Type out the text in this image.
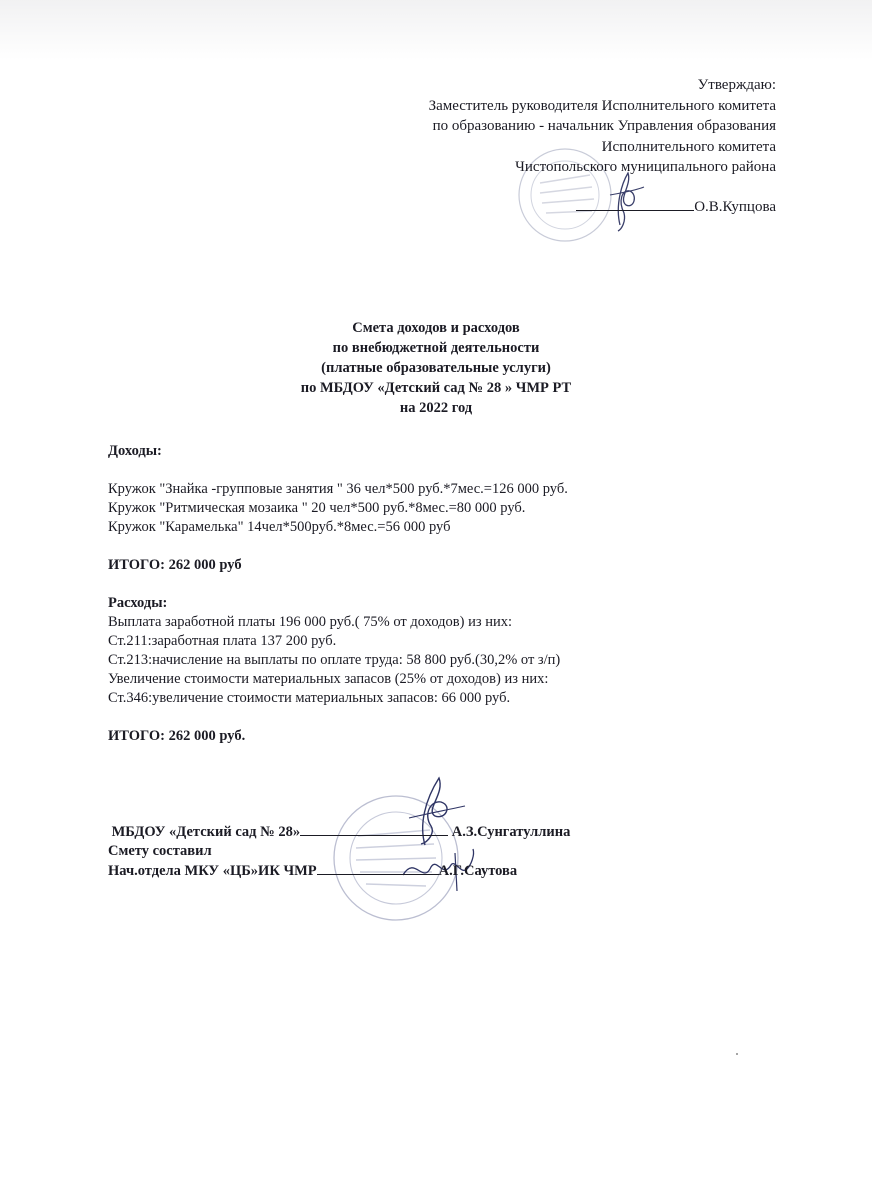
Утверждаю:
Заместитель руководителя Исполнительного комитета
по образованию - начальник Управления образования
Исполнительного комитета
Чистопольского муниципального района
О.В.Купцова
Смета доходов и расходов
по внебюджетной деятельности
(платные образовательные услуги)
по МБДОУ «Детский сад № 28 » ЧМР РТ
на 2022 год
Доходы:
Кружок "Знайка -групповые занятия " 36 чел*500 руб.*7мес.=126 000 руб.
Кружок "Ритмическая мозаика " 20 чел*500 руб.*8мес.=80 000 руб.
Кружок "Карамелька" 14чел*500руб.*8мес.=56 000 руб
ИТОГО: 262 000 руб
Расходы:
Выплата заработной платы 196 000 руб.( 75% от доходов) из них:
Ст.211:заработная плата 137 200 руб.
Ст.213:начисление на выплаты по оплате труда: 58 800 руб.(30,2% от з/п)
Увеличение стоимости материальных запасов (25% от доходов) из них:
Ст.346:увеличение стоимости материальных запасов: 66 000 руб.
ИТОГО: 262 000 руб.
МБДОУ «Детский сад № 28»	А.З.Сунгатуллина
Смету составил
Нач.отдела МКУ «ЦБ»ИК ЧМР	А.Г.Саутова
